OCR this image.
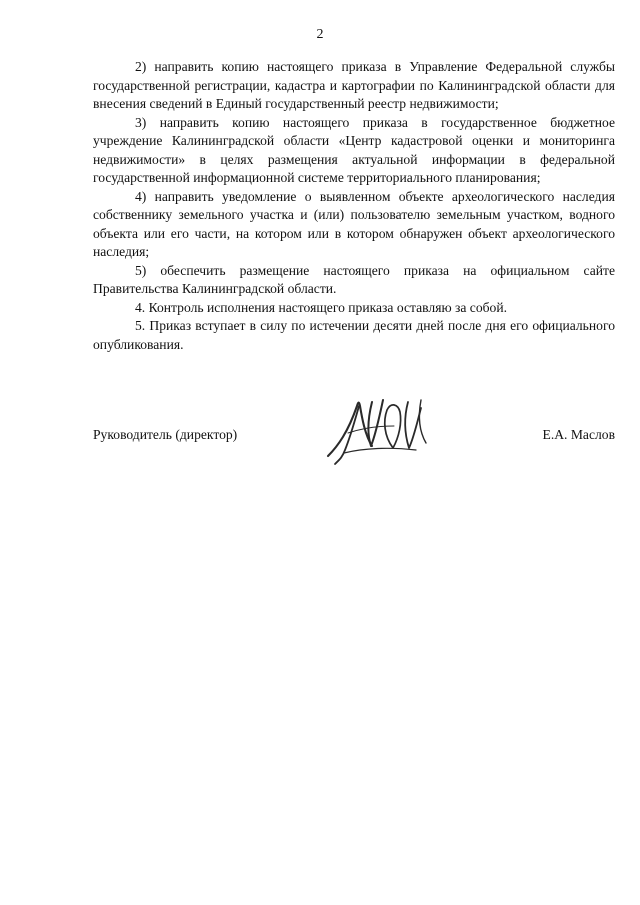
2

2) направить копию настоящего приказа в Управление Федеральной службы государственной регистрации, кадастра и картографии по Калининградской области для внесения сведений в Единый государственный реестр недвижимости;

3) направить копию настоящего приказа в государственное бюджетное учреждение Калининградской области «Центр кадастровой оценки и мониторинга недвижимости» в целях размещения актуальной информации в федеральной государственной информационной системе территориального планирования;

4) направить уведомление о выявленном объекте археологического наследия собственнику земельного участка и (или) пользователю земельным участком, водного объекта или его части, на котором или в котором обнаружен объект археологического наследия;

5) обеспечить размещение настоящего приказа на официальном сайте Правительства Калининградской области.

4. Контроль исполнения настоящего приказа оставляю за собой.

5. Приказ вступает в силу по истечении десяти дней после дня его официального опубликования.

Руководитель (директор)	Е.А. Маслов
